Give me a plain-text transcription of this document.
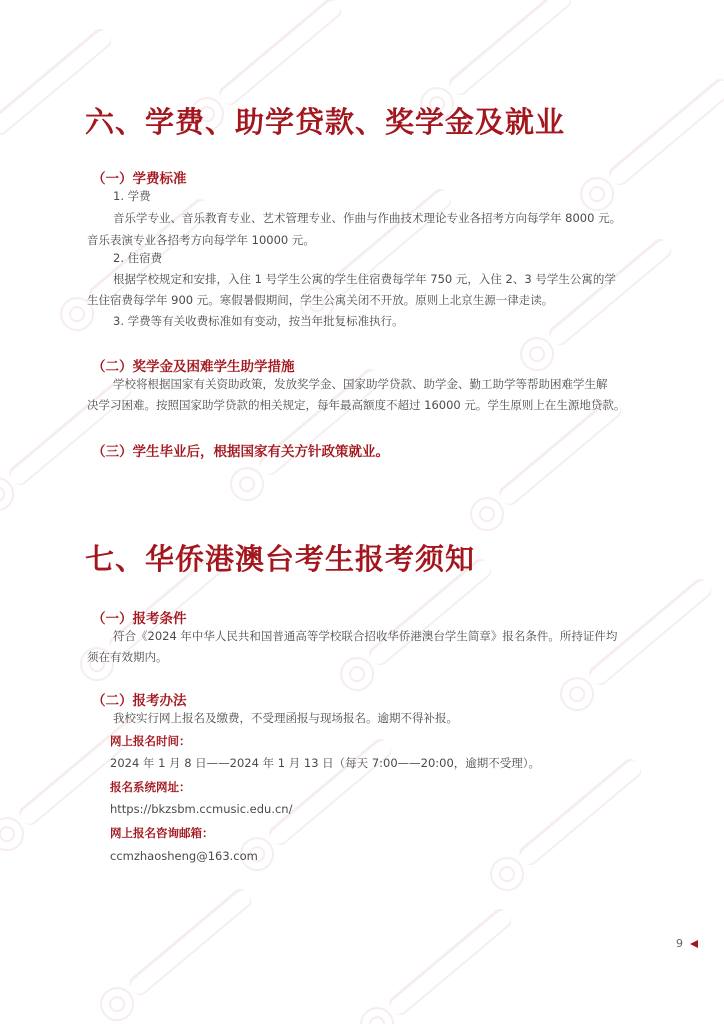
六、学费、助学贷款、奖学金及就业
（一）学费标准
1. 学费
音乐学专业、音乐教育专业、艺术管理专业、作曲与作曲技术理论专业各招考方向每学年 8000 元。
音乐表演专业各招考方向每学年 10000 元。
2. 住宿费
根据学校规定和安排，入住 1 号学生公寓的学生住宿费每学年 750 元，入住 2、3 号学生公寓的学
生住宿费每学年 900 元。寒假暑假期间，学生公寓关闭不开放。原则上北京生源一律走读。
3. 学费等有关收费标准如有变动，按当年批复标准执行。
（二）奖学金及困难学生助学措施
学校将根据国家有关资助政策，发放奖学金、国家助学贷款、助学金、勤工助学等帮助困难学生解
决学习困难。按照国家助学贷款的相关规定，每年最高额度不超过 16000 元。学生原则上在生源地贷款。
（三）学生毕业后，根据国家有关方针政策就业。
七、华侨港澳台考生报考须知
（一）报考条件
符合《2024 年中华人民共和国普通高等学校联合招收华侨港澳台学生简章》报名条件。所持证件均
须在有效期内。
（二）报考办法
我校实行网上报名及缴费，不受理函报与现场报名。逾期不得补报。
网上报名时间：
2024 年 1 月 8 日——2024 年 1 月 13 日（每天 7:00——20:00，逾期不受理）。
报名系统网址：
https://bkzsbm.ccmusic.edu.cn/
网上报名咨询邮箱：
ccmzhaosheng@163.com
9
